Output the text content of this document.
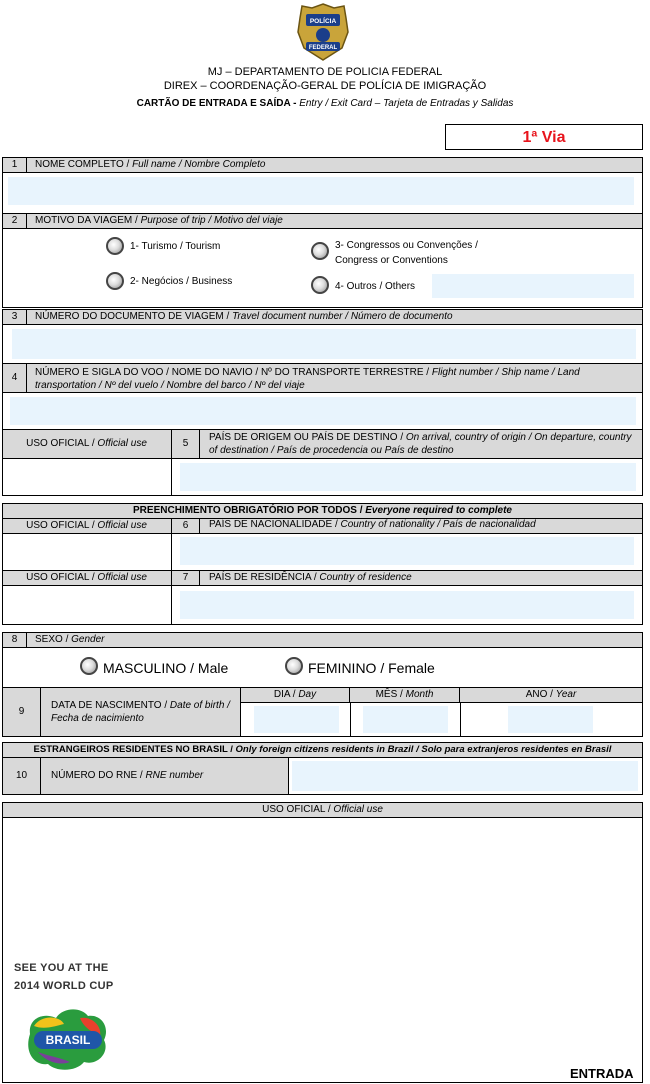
POLÍCIA
FEDERAL
MJ – DEPARTAMENTO DE POLICIA FEDERAL
DIREX – COORDENAÇÃO-GERAL DE POLÍCIA DE IMIGRAÇÃO
CARTÃO DE ENTRADA E SAÍDA - Entry / Exit Card – Tarjeta de Entradas y Salidas
1ª Via
1 NOME COMPLETO / Full name / Nombre Completo
2 MOTIVO DA VIAGEM / Purpose of trip / Motivo del viaje
1- Turismo / Tourism
2- Negócios / Business
3- Congressos ou Convenções /
Congress or Conventions
4- Outros / Others
3 NÚMERO DO DOCUMENTO DE VIAGEM / Travel document number / Número de documento
4	NÚMERO E SIGLA DO VOO / NOME DO NAVIO / Nº DO TRANSPORTE TERRESTRE / Flight number / Ship name / Land transportation / Nº del vuelo / Nombre del barco / Nº del viaje
USO OFICIAL / Official use	5
PAÍS DE ORIGEM OU PAÍS DE DESTINO / On arrival, country of origin / On departure, country of destination / País de procedencia ou País de destino
PREENCHIMENTO OBRIGATÓRIO POR TODOS / Everyone required to complete
USO OFICIAL / Official use	6	PAÍS DE NACIONALIDADE / Country of nationality / País de nacionalidad
USO OFICIAL / Official use	7	PAÍS DE RESIDÊNCIA / Country of residence
8 SEXO / Gender
MASCULINO / Male	FEMININO / Female
9
DATA DE NASCIMENTO / Date of birth / Fecha de nacimiento
DIA / Day	MÊS / Month	ANO / Year
ESTRANGEIROS RESIDENTES NO BRASIL / Only foreign citizens residents in Brazil / Solo para extranjeros residentes en Brasil
10	NÚMERO DO RNE / RNE number
USO OFICIAL / Official use
SEE YOU AT THE
2014 WORLD CUP
BRASIL
ENTRADA
